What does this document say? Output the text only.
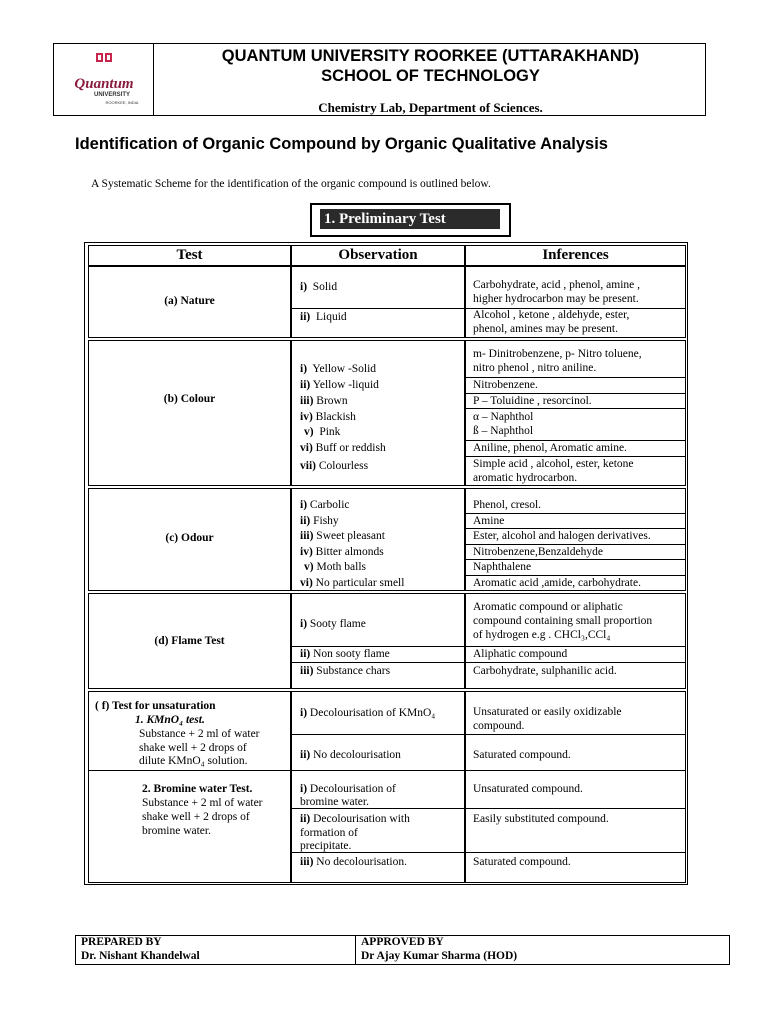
Quantum
UNIVERSITY
ROORKEE, INDIA
QUANTUM UNIVERSITY ROORKEE (UTTARAKHAND)
SCHOOL OF TECHNOLOGY
Chemistry Lab, Department of Sciences.
Identification of Organic Compound by Organic Qualitative Analysis
A Systematic Scheme for the identification of the organic compound is outlined below.
1. Preliminary Test
Test	Observation	Inferences
(a) Nature
i) Solid
ii) Liquid
Carbohydrate, acid , phenol, amine ,
higher hydrocarbon may be present.
Alcohol , ketone , aldehyde, ester,
phenol, amines may be present.
(b) Colour
i) Yellow -Solid
ii) Yellow -liquid
iii) Brown
iv) Blackish
v) Pink
vi) Buff or reddish
vii) Colourless
m- Dinitrobenzene, p- Nitro toluene,
nitro phenol , nitro aniline.
Nitrobenzene.
P – Toluidine , resorcinol.
α – Naphthol
ß – Naphthol
Aniline, phenol, Aromatic amine.
Simple acid , alcohol, ester, ketone
aromatic hydrocarbon.
(c) Odour
i) Carbolic
ii) Fishy
iii) Sweet pleasant
iv) Bitter almonds
v) Moth balls
vi) No particular smell
Phenol, cresol.
Amine
Ester, alcohol and halogen derivatives.
Nitrobenzene,Benzaldehyde
Naphthalene
Aromatic acid ,amide, carbohydrate.
(d) Flame Test
i) Sooty flame
ii) Non sooty flame
iii) Substance chars
Aromatic compound or aliphatic
compound containing small proportion
of hydrogen e.g . CHCl₃,CCl₄
Aliphatic compound
Carbohydrate, sulphanilic acid.
( f) Test for unsaturation
1. KMnO₄ test.
Substance + 2 ml of water
shake well + 2 drops of
dilute KMnO₄ solution.
2. Bromine water Test.
Substance + 2 ml of water
shake well + 2 drops of
bromine water.
i) Decolourisation of KMnO₄
ii) No decolourisation
i) Decolourisation of
bromine water.
ii) Decolourisation with
formation of
precipitate.
iii) No decolourisation.
Unsaturated or easily oxidizable
compound.
Saturated compound.
Unsaturated compound.
Easily substituted compound.
Saturated compound.
PREPARED BY
Dr. Nishant Khandelwal
APPROVED BY
Dr Ajay Kumar Sharma (HOD)
